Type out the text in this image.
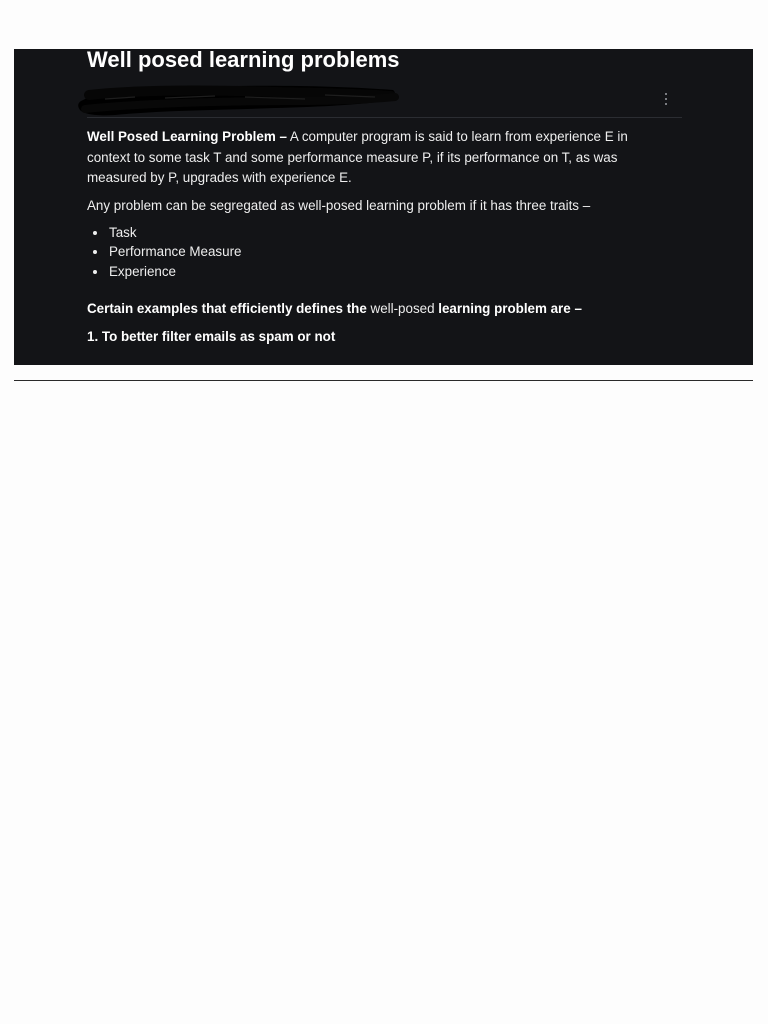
Well posed learning problems

Well Posed Learning Problem – A computer program is said to learn from experience E in context to some task T and some performance measure P, if its performance on T, as was measured by P, upgrades with experience E.

Any problem can be segregated as well-posed learning problem if it has three traits –

• Task
• Performance Measure
• Experience

Certain examples that efficiently defines the well-posed learning problem are –

1. To better filter emails as spam or not
